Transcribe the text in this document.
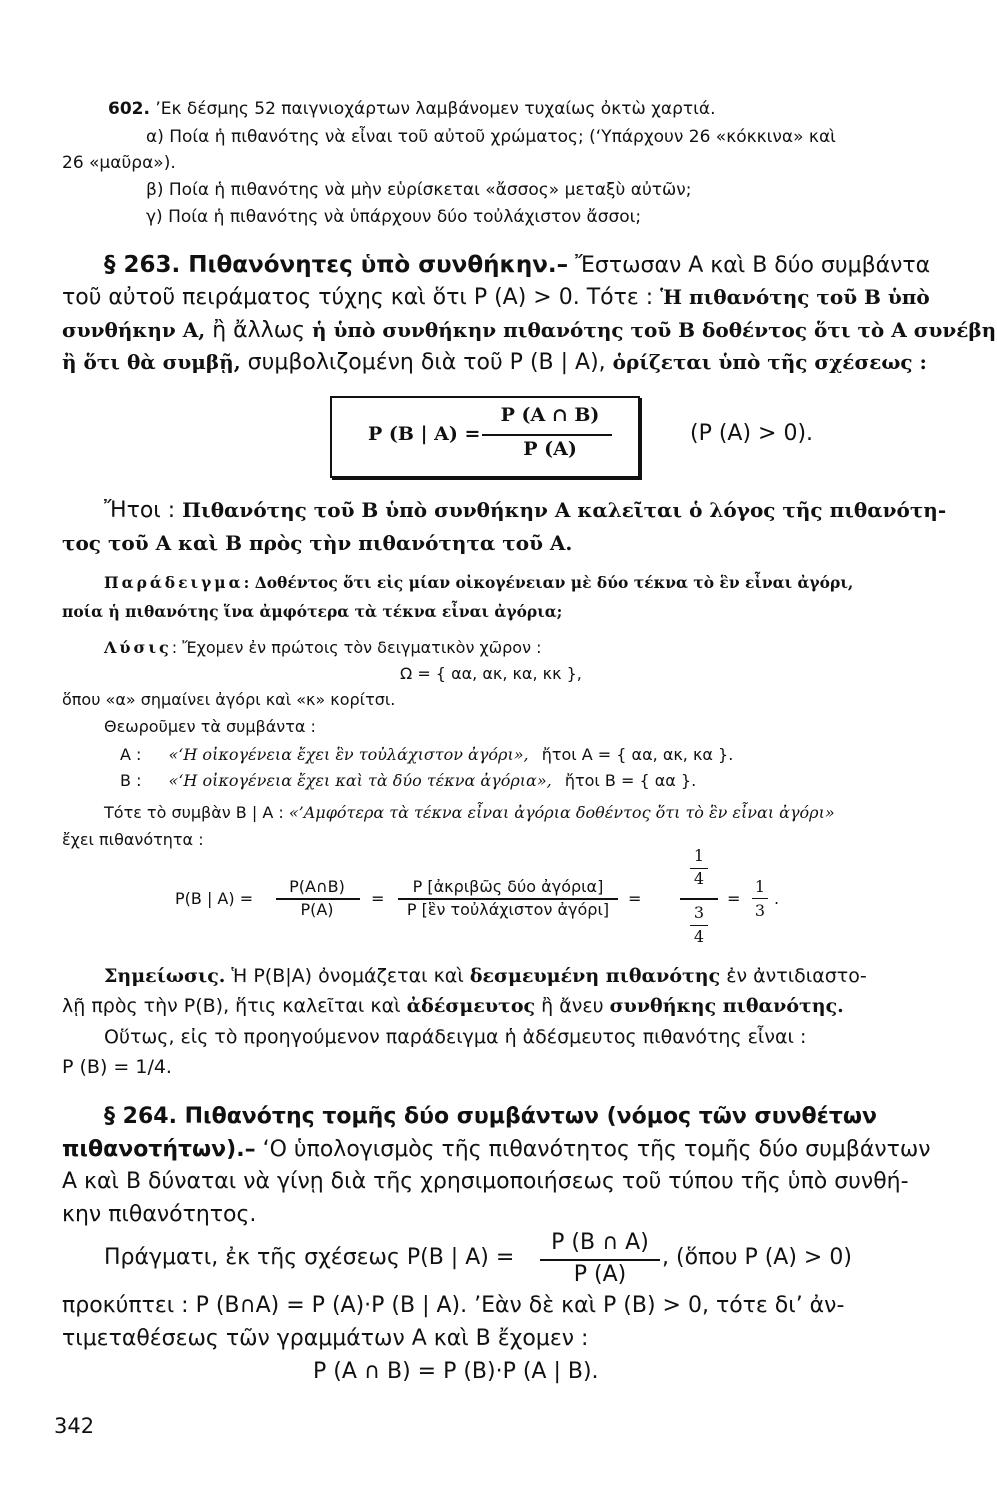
602. ’Εκ δέσμης 52 παιγνιοχάρτων λαμβάνομεν τυχαίως ὀκτὼ χαρτιά.
α) Ποία ἡ πιθανότης νὰ εἶναι τοῦ αὐτοῦ χρώματος; (‘Υπάρχουν 26 «κόκκινα» καὶ
26 «μαῦρα»).
β) Ποία ἡ πιθανότης νὰ μὴν εὑρίσκεται «ἄσσος» μεταξὺ αὐτῶν;
γ) Ποία ἡ πιθανότης νὰ ὑπάρχουν δύο τοὐλάχιστον ἄσσοι;
§ 263. Πιθανόνητες ὑπὸ συνθήκην.– Ἔστωσαν Α καὶ Β δύο συμβάντα
τοῦ αὐτοῦ πειράματος τύχης καὶ ὅτι P (A) > 0. Τότε : Ἡ πιθανότης τοῦ Β ὑπὸ
συνθήκην Α, ἢ ἄλλως ἡ ὑπὸ συνθήκην πιθανότης τοῦ Β δοθέντος ὅτι τὸ Α συνέβη
ἢ ὅτι θὰ συμβῇ, συμβολιζομένη διὰ τοῦ P (B | A), ὁρίζεται ὑπὸ τῆς σχέσεως :
P (B | A) =
P (A ∩ B)
P (A)
(P (A) > 0).
Ἤτοι : Πιθανότης τοῦ Β ὑπὸ συνθήκην Α καλεῖται ὁ λόγος τῆς πιθανότη-
τος τοῦ Α καὶ Β πρὸς τὴν πιθανότητα τοῦ Α.
Παράδειγμα: Δοθέντος ὅτι εἰς μίαν οἰκογένειαν μὲ δύο τέκνα τὸ ἓν εἶναι ἀγόρι,
ποία ἡ πιθανότης ἵνα ἀμφότερα τὰ τέκνα εἶναι ἀγόρια;
Λύσις: Ἔχομεν ἐν πρώτοις τὸν δειγματικὸν χῶρον :
Ω = { αα, ακ, κα, κκ },
ὅπου «α» σημαίνει ἀγόρι καὶ «κ» κορίτσι.
Θεωροῦμεν τὰ συμβάντα :
Α : «‘Η οἰκογένεια ἔχει ἓν τοὐλάχιστον ἀγόρι», ἤτοι A = { αα, ακ, κα }.
Β : «‘Η οἰκογένεια ἔχει καὶ τὰ δύο τέκνα ἀγόρια», ἤτοι B = { αα }.
Τότε τὸ συμβὰν B | A : «’Αμφότερα τὰ τέκνα εἶναι ἀγόρια δοθέντος ὅτι τὸ ἓν εἶναι ἀγόρι»
ἔχει πιθανότητα :
P(B | A) =
P(A∩B)
P(A)
=
P [ἀκριβῶς δύο ἀγόρια]
P [ἓν τοὐλάχιστον ἀγόρι]
=
1
4
3
4
=
1
3
.
Σημείωσις. Ἡ P(B|A) ὀνομάζεται καὶ δεσμευμένη πιθανότης ἐν ἀντιδιαστο-
λῇ πρὸς τὴν P(B), ἥτις καλεῖται καὶ ἀδέσμευτος ἢ ἄνευ συνθήκης πιθανότης.
Οὕτως, εἰς τὸ προηγούμενον παράδειγμα ἡ ἀδέσμευτος πιθανότης εἶναι :
P (B) = 1/4.
§ 264. Πιθανότης τομῆς δύο συμβάντων (νόμος τῶν συνθέτων
πιθανοτήτων).– ‘Ο ὑπολογισμὸς τῆς πιθανότητος τῆς τομῆς δύο συμβάντων
A καὶ B δύναται νὰ γίνῃ διὰ τῆς χρησιμοποιήσεως τοῦ τύπου τῆς ὑπὸ συνθή-
κην πιθανότητος.
Πράγματι, ἐκ τῆς σχέσεως P(B | A) =
P (B ∩ A)
P (A)
, (ὅπου P (A) > 0)
προκύπτει : P (B∩A) = P (A)·P (B | A). ’Εὰν δὲ καὶ P (B) > 0, τότε δι’ ἀν-
τιμεταθέσεως τῶν γραμμάτων Α καὶ Β ἔχομεν :
P (A ∩ B) = P (B)·P (A | B).
342
